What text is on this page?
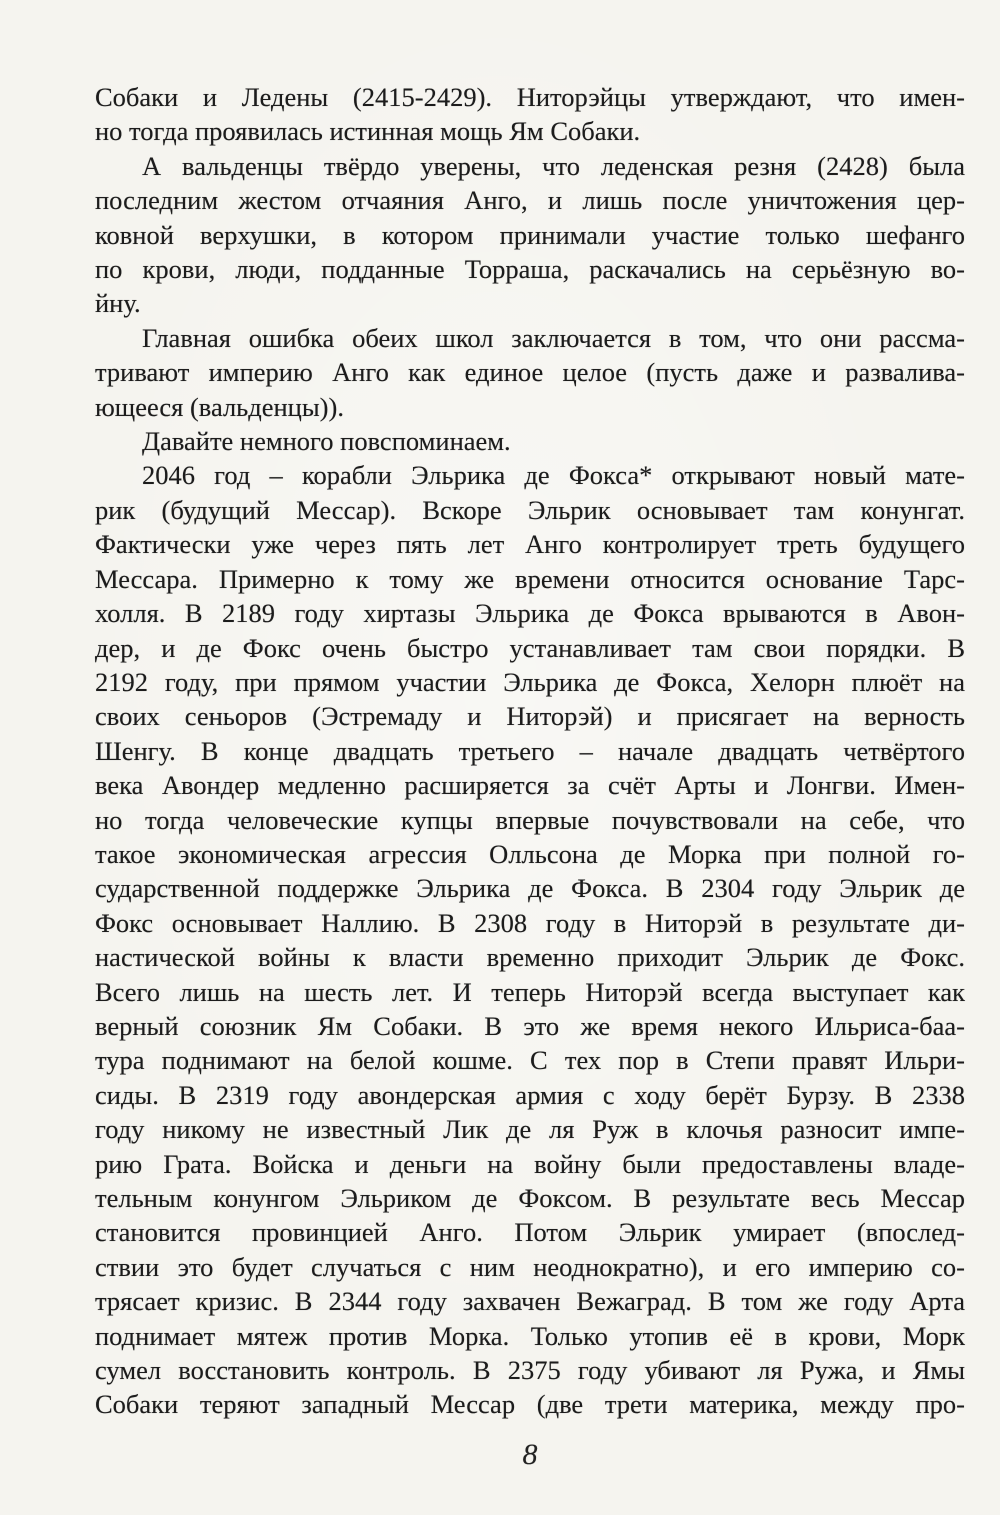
Собаки и Ледены (2415-2429). Ниторэйцы утверждают, что имен-
но тогда проявилась истинная мощь Ям Собаки.

А вальденцы твёрдо уверены, что леденская резня (2428) была
последним жестом отчаяния Анго, и лишь после уничтожения цер-
ковной верхушки, в котором принимали участие только шефанго
по крови, люди, подданные Торраша, раскачались на серьёзную во-
йну.

Главная ошибка обеих школ заключается в том, что они рассма-
тривают империю Анго как единое целое (пусть даже и развалива-
ющееся (вальденцы)).

Давайте немного повспоминаем.

2046 год – корабли Эльрика де Фокса* открывают новый мате-
рик (будущий Мессар). Вскоре Эльрик основывает там конунгат.
Фактически уже через пять лет Анго контролирует треть будущего
Мессара. Примерно к тому же времени относится основание Тарс-
холля. В 2189 году хиртазы Эльрика де Фокса врываются в Авон-
дер, и де Фокс очень быстро устанавливает там свои порядки. В
2192 году, при прямом участии Эльрика де Фокса, Хелорн плюёт на
своих сеньоров (Эстремаду и Ниторэй) и присягает на верность
Шенгу. В конце двадцать третьего – начале двадцать четвёртого
века Авондер медленно расширяется за счёт Арты и Лонгви. Имен-
но тогда человеческие купцы впервые почувствовали на себе, что
такое экономическая агрессия Олльсона де Морка при полной го-
сударственной поддержке Эльрика де Фокса. В 2304 году Эльрик де
Фокс основывает Наллию. В 2308 году в Ниторэй в результате ди-
настической войны к власти временно приходит Эльрик де Фокс.
Всего лишь на шесть лет. И теперь Ниторэй всегда выступает как
верный союзник Ям Собаки. В это же время некого Ильриса-баа-
тура поднимают на белой кошме. С тех пор в Степи правят Ильри-
сиды. В 2319 году авондерская армия с ходу берёт Бурзу. В 2338
году никому не известный Лик де ля Руж в клочья разносит импе-
рию Грата. Войска и деньги на войну были предоставлены владе-
тельным конунгом Эльриком де Фоксом. В результате весь Мессар
становится провинцией Анго. Потом Эльрик умирает (впослед-
ствии это будет случаться с ним неоднократно), и его империю со-
трясает кризис. В 2344 году захвачен Вежаград. В том же году Арта
поднимает мятеж против Морка. Только утопив её в крови, Морк
сумел восстановить контроль. В 2375 году убивают ля Ружа, и Ямы
Собаки теряют западный Мессар (две трети материка, между про-

8
